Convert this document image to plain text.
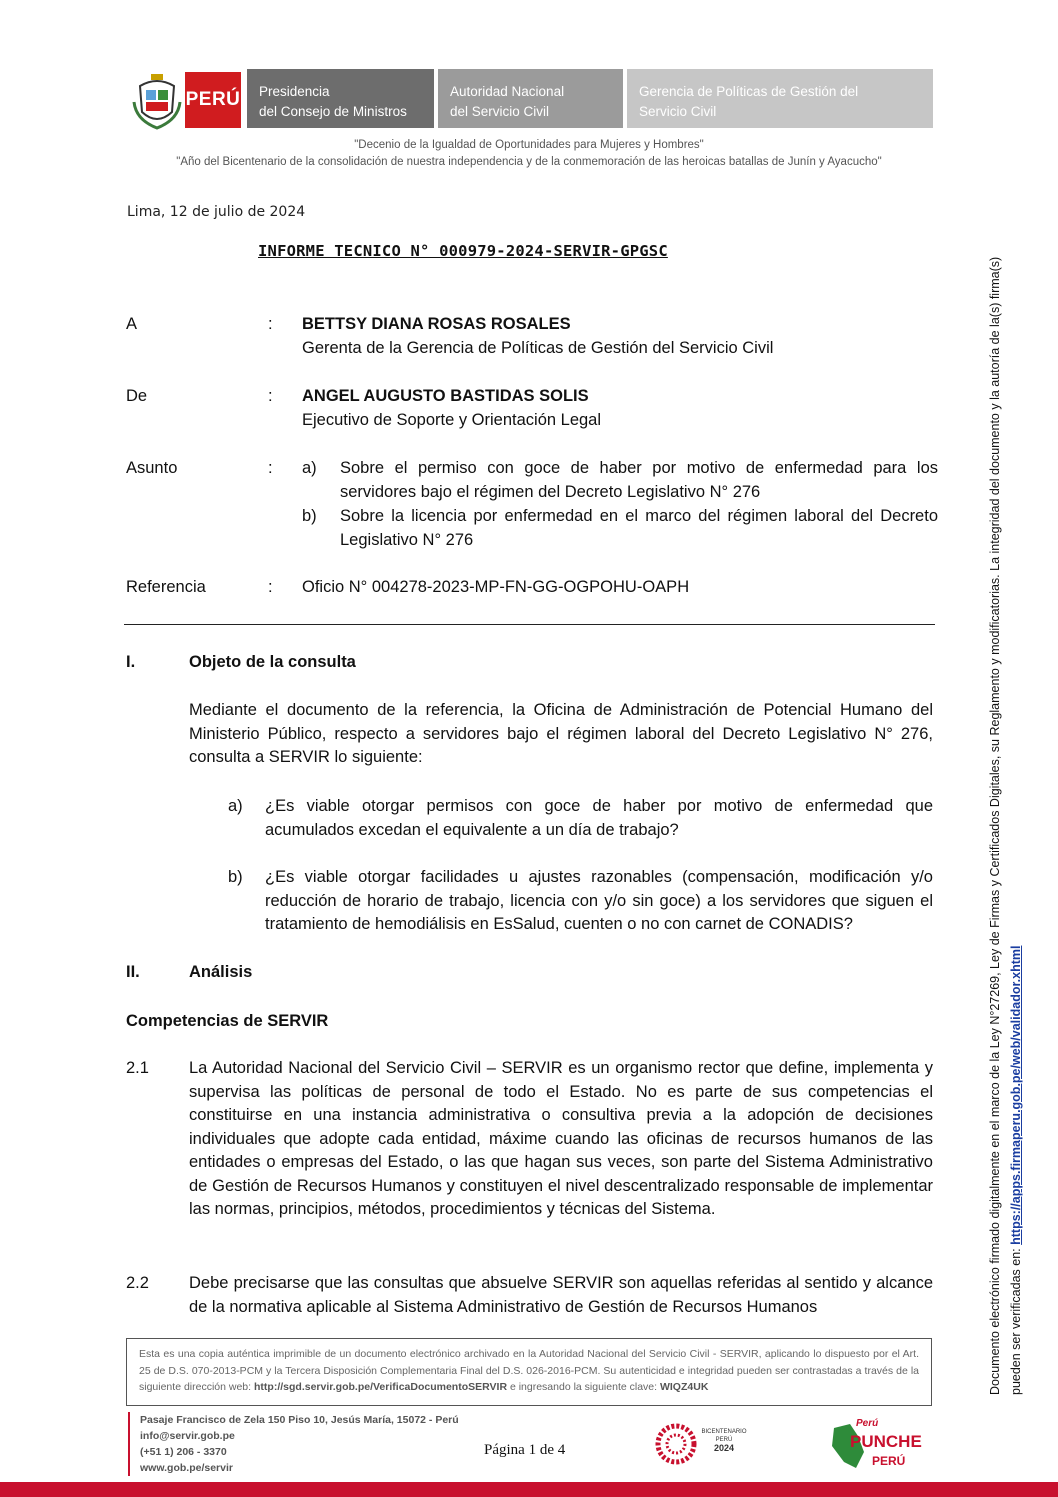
PERÚ Presidencia
del Consejo de Ministros
Autoridad Nacional
del Servicio Civil
Gerencia de Políticas de Gestión del
Servicio Civil
"Decenio de la Igualdad de Oportunidades para Mujeres y Hombres"
"Año del Bicentenario de la consolidación de nuestra independencia y de la conmemoración de las heroicas batallas de Junín y Ayacucho"
Lima, 12 de julio de 2024
INFORME TECNICO N° 000979-2024-SERVIR-GPGSC
A	: BETTSY DIANA ROSAS ROSALES
Gerenta de la Gerencia de Políticas de Gestión del Servicio Civil
De	: ANGEL AUGUSTO BASTIDAS SOLIS
Ejecutivo de Soporte y Orientación Legal
Asunto	: a) Sobre el permiso con goce de haber por motivo de enfermedad para los servidores bajo el régimen del Decreto Legislativo N° 276
b) Sobre la licencia por enfermedad en el marco del régimen laboral del Decreto Legislativo N° 276
Referencia	: Oficio N° 004278-2023-MP-FN-GG-OGPOHU-OAPH
I.	Objeto de la consulta
Mediante el documento de la referencia, la Oficina de Administración de Potencial Humano del Ministerio Público, respecto a servidores bajo el régimen laboral del Decreto Legislativo N° 276, consulta a SERVIR lo siguiente:
a) ¿Es viable otorgar permisos con goce de haber por motivo de enfermedad que acumulados excedan el equivalente a un día de trabajo?
b) ¿Es viable otorgar facilidades u ajustes razonables (compensación, modificación y/o reducción de horario de trabajo, licencia con y/o sin goce) a los servidores que siguen el tratamiento de hemodiálisis en EsSalud, cuenten o no con carnet de CONADIS?
II.	Análisis
Competencias de SERVIR
2.1 La Autoridad Nacional del Servicio Civil – SERVIR es un organismo rector que define, implementa y supervisa las políticas de personal de todo el Estado. No es parte de sus competencias el constituirse en una instancia administrativa o consultiva previa a la adopción de decisiones individuales que adopte cada entidad, máxime cuando las oficinas de recursos humanos de las entidades o empresas del Estado, o las que hagan sus veces, son parte del Sistema Administrativo de Gestión de Recursos Humanos y constituyen el nivel descentralizado responsable de implementar las normas, principios, métodos, procedimientos y técnicas del Sistema.
2.2 Debe precisarse que las consultas que absuelve SERVIR son aquellas referidas al sentido y alcance de la normativa aplicable al Sistema Administrativo de Gestión de Recursos Humanos
Esta es una copia auténtica imprimible de un documento electrónico archivado en la Autoridad Nacional del Servicio Civil - SERVIR, aplicando lo dispuesto por el Art. 25 de D.S. 070-2013-PCM y la Tercera Disposición Complementaria Final del D.S. 026-2016-PCM. Su autenticidad e integridad pueden ser contrastadas a través de la siguiente dirección web: http://sgd.servir.gob.pe/VerificaDocumentoSERVIR e ingresando la siguiente clave: WIQZ4UK
Pasaje Francisco de Zela 150 Piso 10, Jesús María, 15072 - Perú
info@servir.gob.pe
(+51 1) 206 - 3370
www.gob.pe/servir
Página 1 de 4
BICENTENARIO
PERÚ
2024
Perú
PUNCHE
PERÚ
Documento electrónico firmado digitalmente en el marco de la Ley N°27269, Ley de Firmas y Certificados Digitales, su Reglamento y modificatorias. La integridad del documento y la autoría de la(s) firma(s) pueden ser verificadas en: https://apps.firmaperu.gob.pe/web/validador.xhtml
